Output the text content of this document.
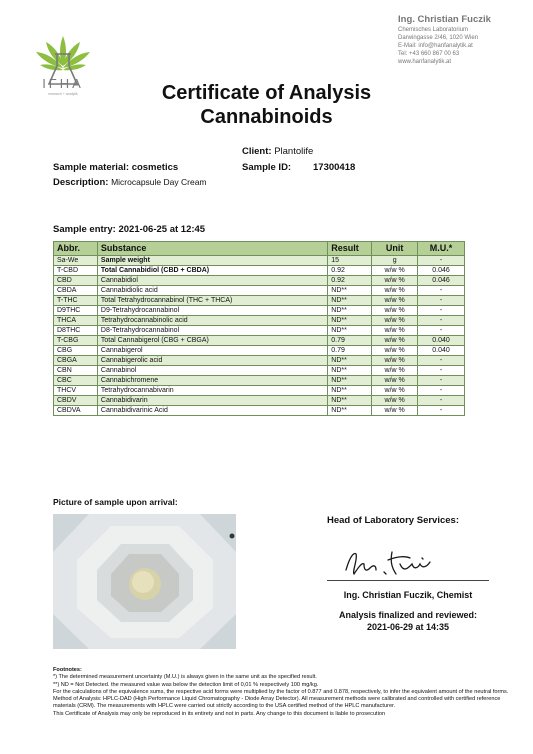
IFHA
research + analytik
Ing. Christian Fuczik
Chemisches Laboratorium
Darwingasse 2/46, 1020 Wien
E-Mail: info@hanfanalytik.at
Tel: +43 660 867 00 63
www.hanfanalytik.at
Certificate of Analysis
Cannabinoids
Client: Plantolife
Sample material: cosmetics	Sample ID: 17300418
Description: Microcapsule Day Cream
Sample entry: 2021-06-25 at 12:45
Abbr.	Substance	Result	Unit	M.U.*
Sa-We	Sample weight	15	g	-
T-CBD	Total Cannabidiol (CBD + CBDA)	0.92	w/w %	0.046
CBD	Cannabidiol	0.92	w/w %	0.046
CBDA	Cannabidiolic acid	ND**	w/w %	-
T-THC	Total Tetrahydrocannabinol (THC + THCA)	ND**	w/w %	-
D9THC	D9-Tetrahydrocannabinol	ND**	w/w %	-
THCA	Tetrahydrocannabinolic acid	ND**	w/w %	-
D8THC	D8-Tetrahydrocannabinol	ND**	w/w %	-
T-CBG	Total Cannabigerol (CBG + CBGA)	0.79	w/w %	0.040
CBG	Cannabigerol	0.79	w/w %	0.040
CBGA	Cannabigerolic acid	ND**	w/w %	-
CBN	Cannabinol	ND**	w/w %	-
CBC	Cannabichromene	ND**	w/w %	-
THCV	Tetrahydrocannabivarin	ND**	w/w %	-
CBDV	Cannabidivarin	ND**	w/w %	-
CBDVA	Cannabidivarinic Acid	ND**	w/w %	-
Picture of sample upon arrival:
Head of Laboratory Services:
Ing. Christian Fuczik, Chemist
Analysis finalized and reviewed:
2021-06-29 at 14:35
Footnotes:
*) The determined measurement uncertainty (M.U.) is always given in the same unit as the specified result.
**) ND = Not Detected. the measured value was below the detection limit of 0,01 % respectively 100 mg/kg.
For the calculations of the equivalence sums, the respective acid forms were multiplied by the factor of 0.877 and 0.878, respectively, to infer the equivalent amount of the neutral forms.
Method of Analysis: HPLC-DAD (High Performance Liquid Chromatography - Diode Array Detector). All measurement methods were calibrated and controlled with certified reference materials (CRM). The measurements with HPLC were carried out strictly according to the USA certified method of the HPLC manufacturer.
This Certificate of Analysis may only be reproduced in its entirety and not in parts. Any change to this document is liable to prosecution
